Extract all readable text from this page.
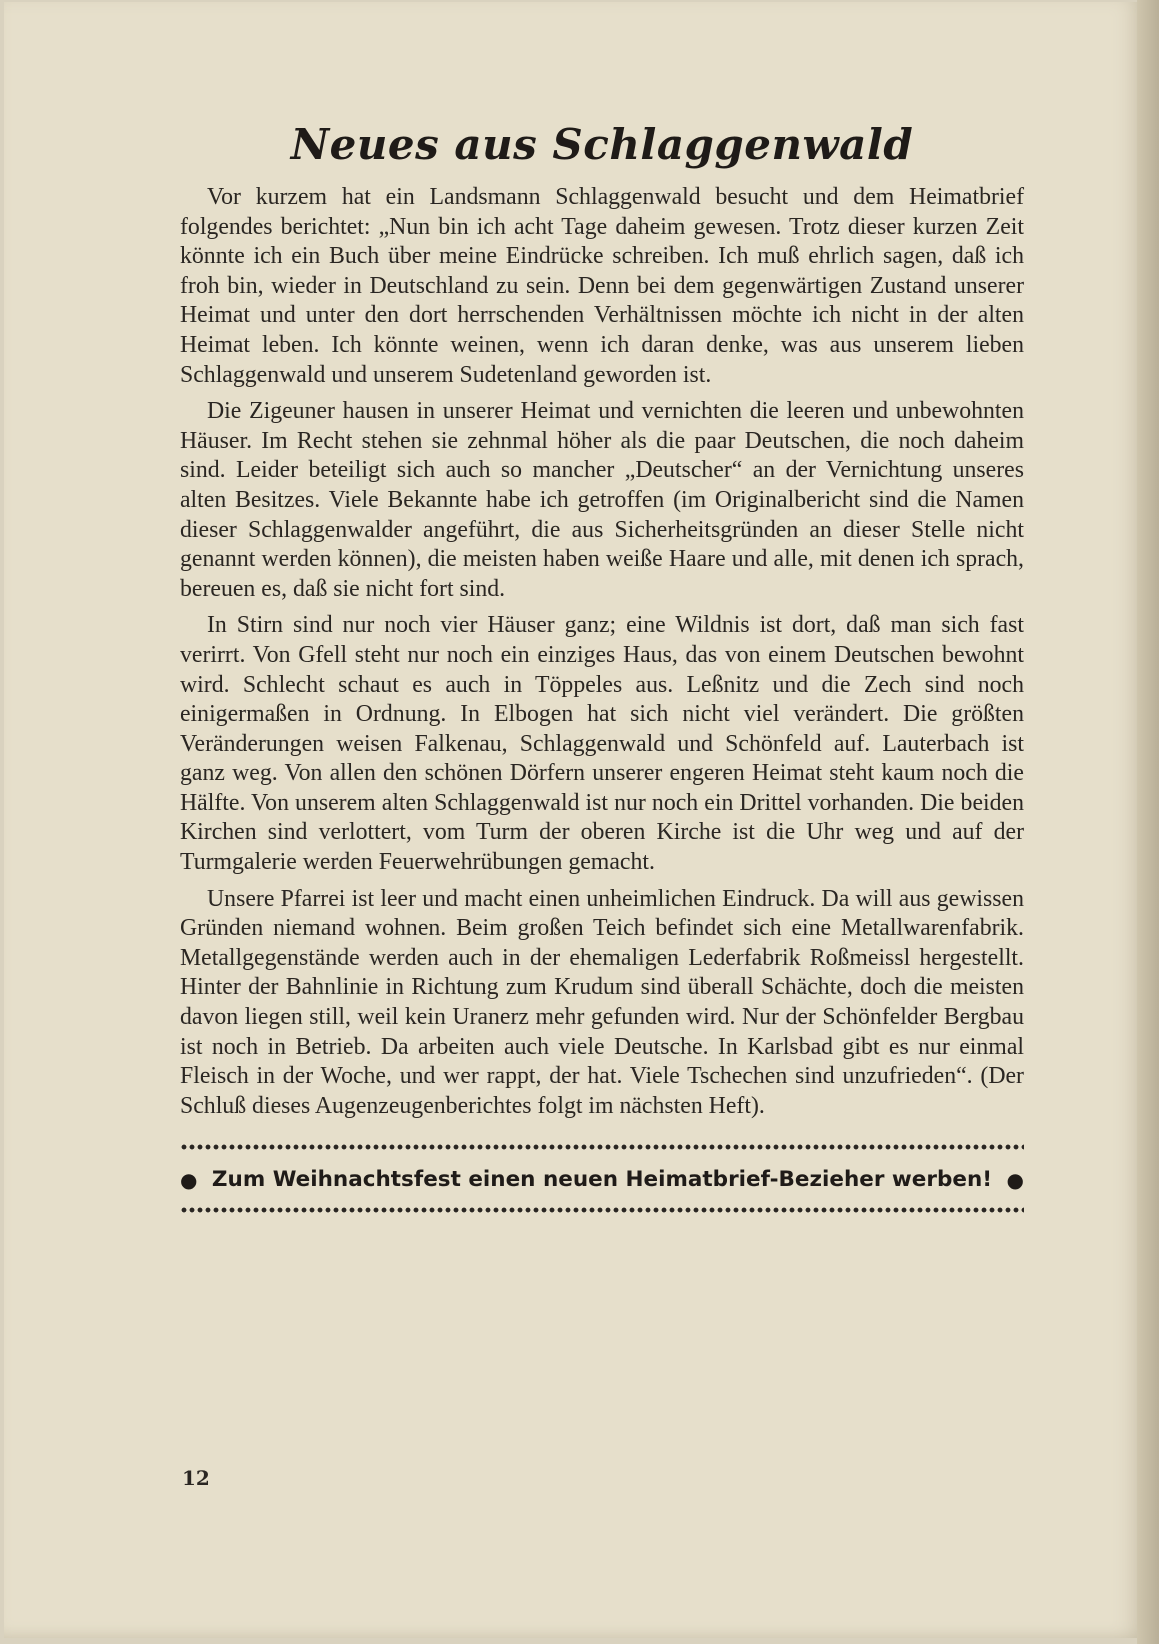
Neues aus Schlaggenwald

Vor kurzem hat ein Landsmann Schlaggenwald besucht und dem Heimatbrief folgendes berichtet: „Nun bin ich acht Tage daheim gewesen. Trotz dieser kurzen Zeit könnte ich ein Buch über meine Eindrücke schreiben. Ich muß ehrlich sagen, daß ich froh bin, wieder in Deutschland zu sein. Denn bei dem gegenwärtigen Zustand unserer Heimat und unter den dort herrschenden Verhältnissen möchte ich nicht in der alten Heimat leben. Ich könnte weinen, wenn ich daran denke, was aus unserem lieben Schlaggenwald und unserem Sudetenland geworden ist.

Die Zigeuner hausen in unserer Heimat und vernichten die leeren und unbewohnten Häuser. Im Recht stehen sie zehnmal höher als die paar Deutschen, die noch daheim sind. Leider beteiligt sich auch so mancher „Deutscher“ an der Vernichtung unseres alten Besitzes. Viele Bekannte habe ich getroffen (im Originalbericht sind die Namen dieser Schlaggenwalder angeführt, die aus Sicherheitsgründen an dieser Stelle nicht genannt werden können), die meisten haben weiße Haare und alle, mit denen ich sprach, bereuen es, daß sie nicht fort sind.

In Stirn sind nur noch vier Häuser ganz; eine Wildnis ist dort, daß man sich fast verirrt. Von Gfell steht nur noch ein einziges Haus, das von einem Deutschen bewohnt wird. Schlecht schaut es auch in Töppeles aus. Leßnitz und die Zech sind noch einigermaßen in Ordnung. In Elbogen hat sich nicht viel verändert. Die größten Veränderungen weisen Falkenau, Schlaggenwald und Schönfeld auf. Lauterbach ist ganz weg. Von allen den schönen Dörfern unserer engeren Heimat steht kaum noch die Hälfte. Von unserem alten Schlaggenwald ist nur noch ein Drittel vorhanden. Die beiden Kirchen sind verlottert, vom Turm der oberen Kirche ist die Uhr weg und auf der Turmgalerie werden Feuerwehrübungen gemacht.

Unsere Pfarrei ist leer und macht einen unheimlichen Eindruck. Da will aus gewissen Gründen niemand wohnen. Beim großen Teich befindet sich eine Metallwarenfabrik. Metallgegenstände werden auch in der ehemaligen Lederfabrik Roßmeissl hergestellt. Hinter der Bahnlinie in Richtung zum Krudum sind überall Schächte, doch die meisten davon liegen still, weil kein Uranerz mehr gefunden wird. Nur der Schönfelder Bergbau ist noch in Betrieb. Da arbeiten auch viele Deutsche. In Karlsbad gibt es nur einmal Fleisch in der Woche, und wer rappt, der hat. Viele Tschechen sind unzufrieden“. (Der Schluß dieses Augenzeugenberichtes folgt im nächsten Heft).

● Zum Weihnachtsfest einen neuen Heimatbrief-Bezieher werben! ●
12
